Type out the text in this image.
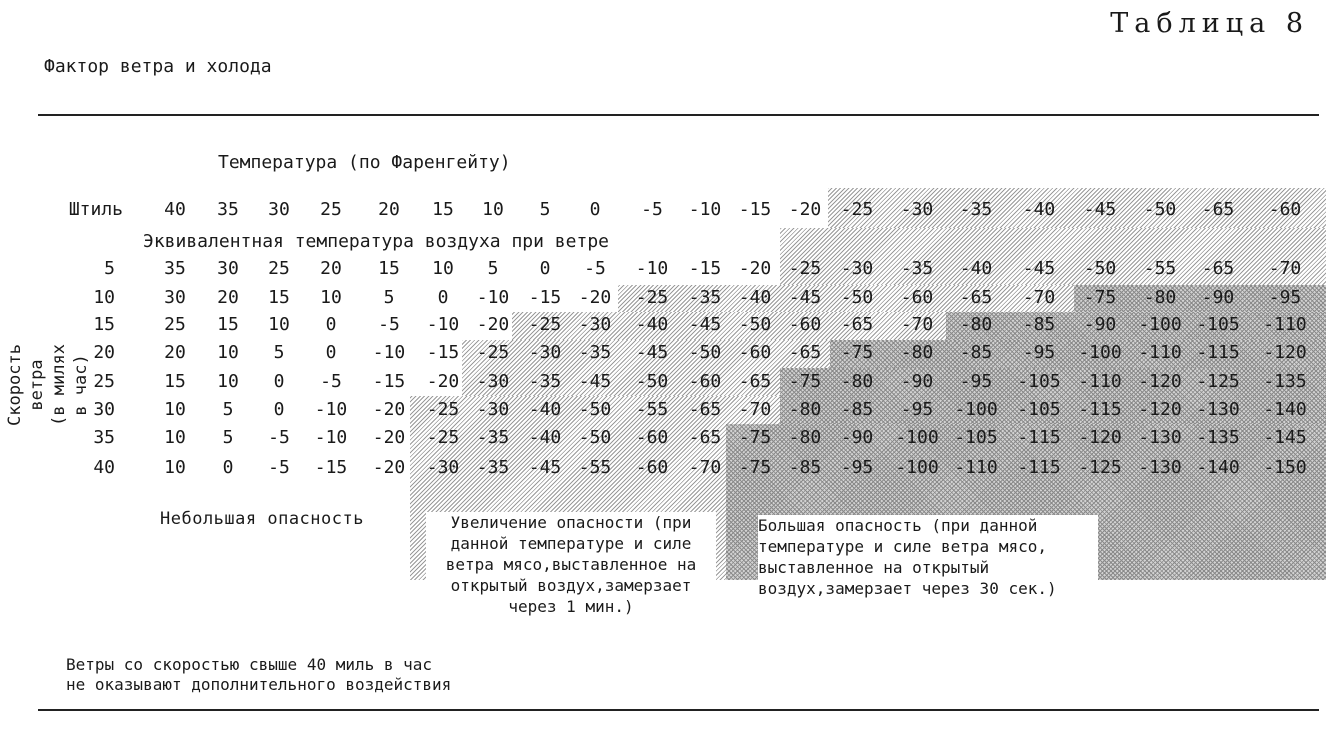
Таблица 8
Фактор ветра и холода
Температура (по Фаренгейту)
Эквивалентная температура воздуха при ветре
Скорость ветра
(в милях в час)
Штиль	40	35	30	25	20	15	10	5	0	-5	-10 -15 -20	-25	-30	-35	-40	-45	-50	-65	-60
5	35	30	25	20	15	10	5	0	-5	-10	-15 -20 -25	-30	-35	-40	-45	-50	-55	-65	-70
10	30	20	15	10	5	0	-10	-15 -20	-25	-35 -40 -45	-50	-60	-65	-70	-75	-80	-90	-95
15	25	15	10	0	-5	-10 -20	-25 -30	-40	-45 -50 -60	-65	-70	-80	-85	-90	-100 -105 -110
20	20	10	5	0	-10	-15 -25	-30 -35	-45	-50 -60 -65	-75	-80	-85	-95	-100 -110 -115 -120
25	15	10	0	-5	-15	-20 -30	-35 -45	-50	-60 -65 -75	-80	-90	-95	-105 -110 -120 -125 -135
30	10	5	0	-10	-20	-25 -30	-40 -50	-55	-65 -70 -80	-85	-95	-100 -105 -115 -120 -130 -140
35	10	5	-5	-10	-20	-25 -35	-40 -50	-60	-65 -75 -80	-90	-100 -105 -115 -120 -130 -135 -145
40	10	0	-5	-15	-20	-30 -35	-45 -55	-60	-70 -75 -85	-95	-100 -110 -115 -125 -130 -140 -150
Небольшая опасность	Увеличение опасности (при данной температуре и силе ветра мясо,выставленное на открытый воздух,замерзает через 1 мин.)
Большая опасность (при данной температуре и силе ветра мясо, выставленное на открытый воздух,замерзает через 30 сек.)
Ветры со скоростью свыше 40 миль в час
не оказывают дополнительного воздействия
